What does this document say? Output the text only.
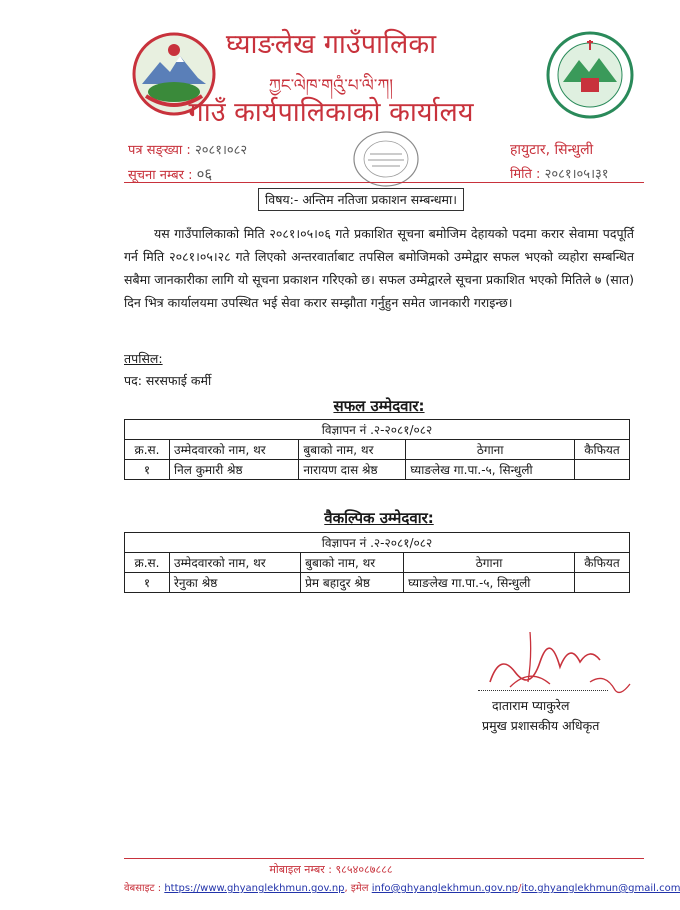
घ्याङलेख गाउँपालिका
ཀྱང་ལེཁ་གའུཾ་པ་ལི་ཀ།
गाउँ कार्यपालिकाको कार्यालय
पत्र सङ्ख्या : २०८१।०८२
सूचना नम्बर : ०६
हायुटार, सिन्धुली
मिति : २०८१।०५।३१
विषय:- अन्तिम नतिजा प्रकाशन सम्बन्धमा।
यस गाउँपालिकाको मिति २०८१।०५।०६ गते प्रकाशित सूचना बमोजिम देहायको पदमा करार सेवामा पदपूर्ति गर्न मिति २०८१।०५।२८ गते लिएको अन्तरवार्ताबाट तपसिल बमोजिमको उम्मेद्वार सफल भएको व्यहोरा सम्बन्धित सबैमा जानकारीका लागि यो सूचना प्रकाशन गरिएको छ। सफल उम्मेद्वारले सूचना प्रकाशित भएको मितिले ७ (सात) दिन भित्र कार्यालयमा उपस्थित भई सेवा करार सम्झौता गर्नुहुन समेत जानकारी गराइन्छ।
तपसिल:
पद: सरसफाई कर्मी
सफल उम्मेदवार:
विज्ञापन नं .२-२०८१/०८२				
क्र.स.	उम्मेदवारको नाम, थर	बुबाको नाम, थर	ठेगाना	कैफियत
१	निल कुमारी श्रेष्ठ	नारायण दास श्रेष्ठ	घ्याङलेख गा.पा.-५, सिन्धुली	
वैकल्पिक उम्मेदवार:
विज्ञापन नं .२-२०८१/०८२				
क्र.स.	उम्मेदवारको नाम, थर	बुबाको नाम, थर	ठेगाना	कैफियत
१	रेनुका श्रेष्ठ	प्रेम बहादुर श्रेष्ठ	घ्याङलेख गा.पा.-५, सिन्धुली	
दाताराम प्याकुरेल
प्रमुख प्रशासकीय अधिकृत
मोबाइल नम्बर : ९८५४०८७८८८
वेबसाइट : https://www.ghyanglekhmun.gov.np, इमेल info@ghyanglekhmun.gov.np/ito.ghyanglekhmun@gmail.com
